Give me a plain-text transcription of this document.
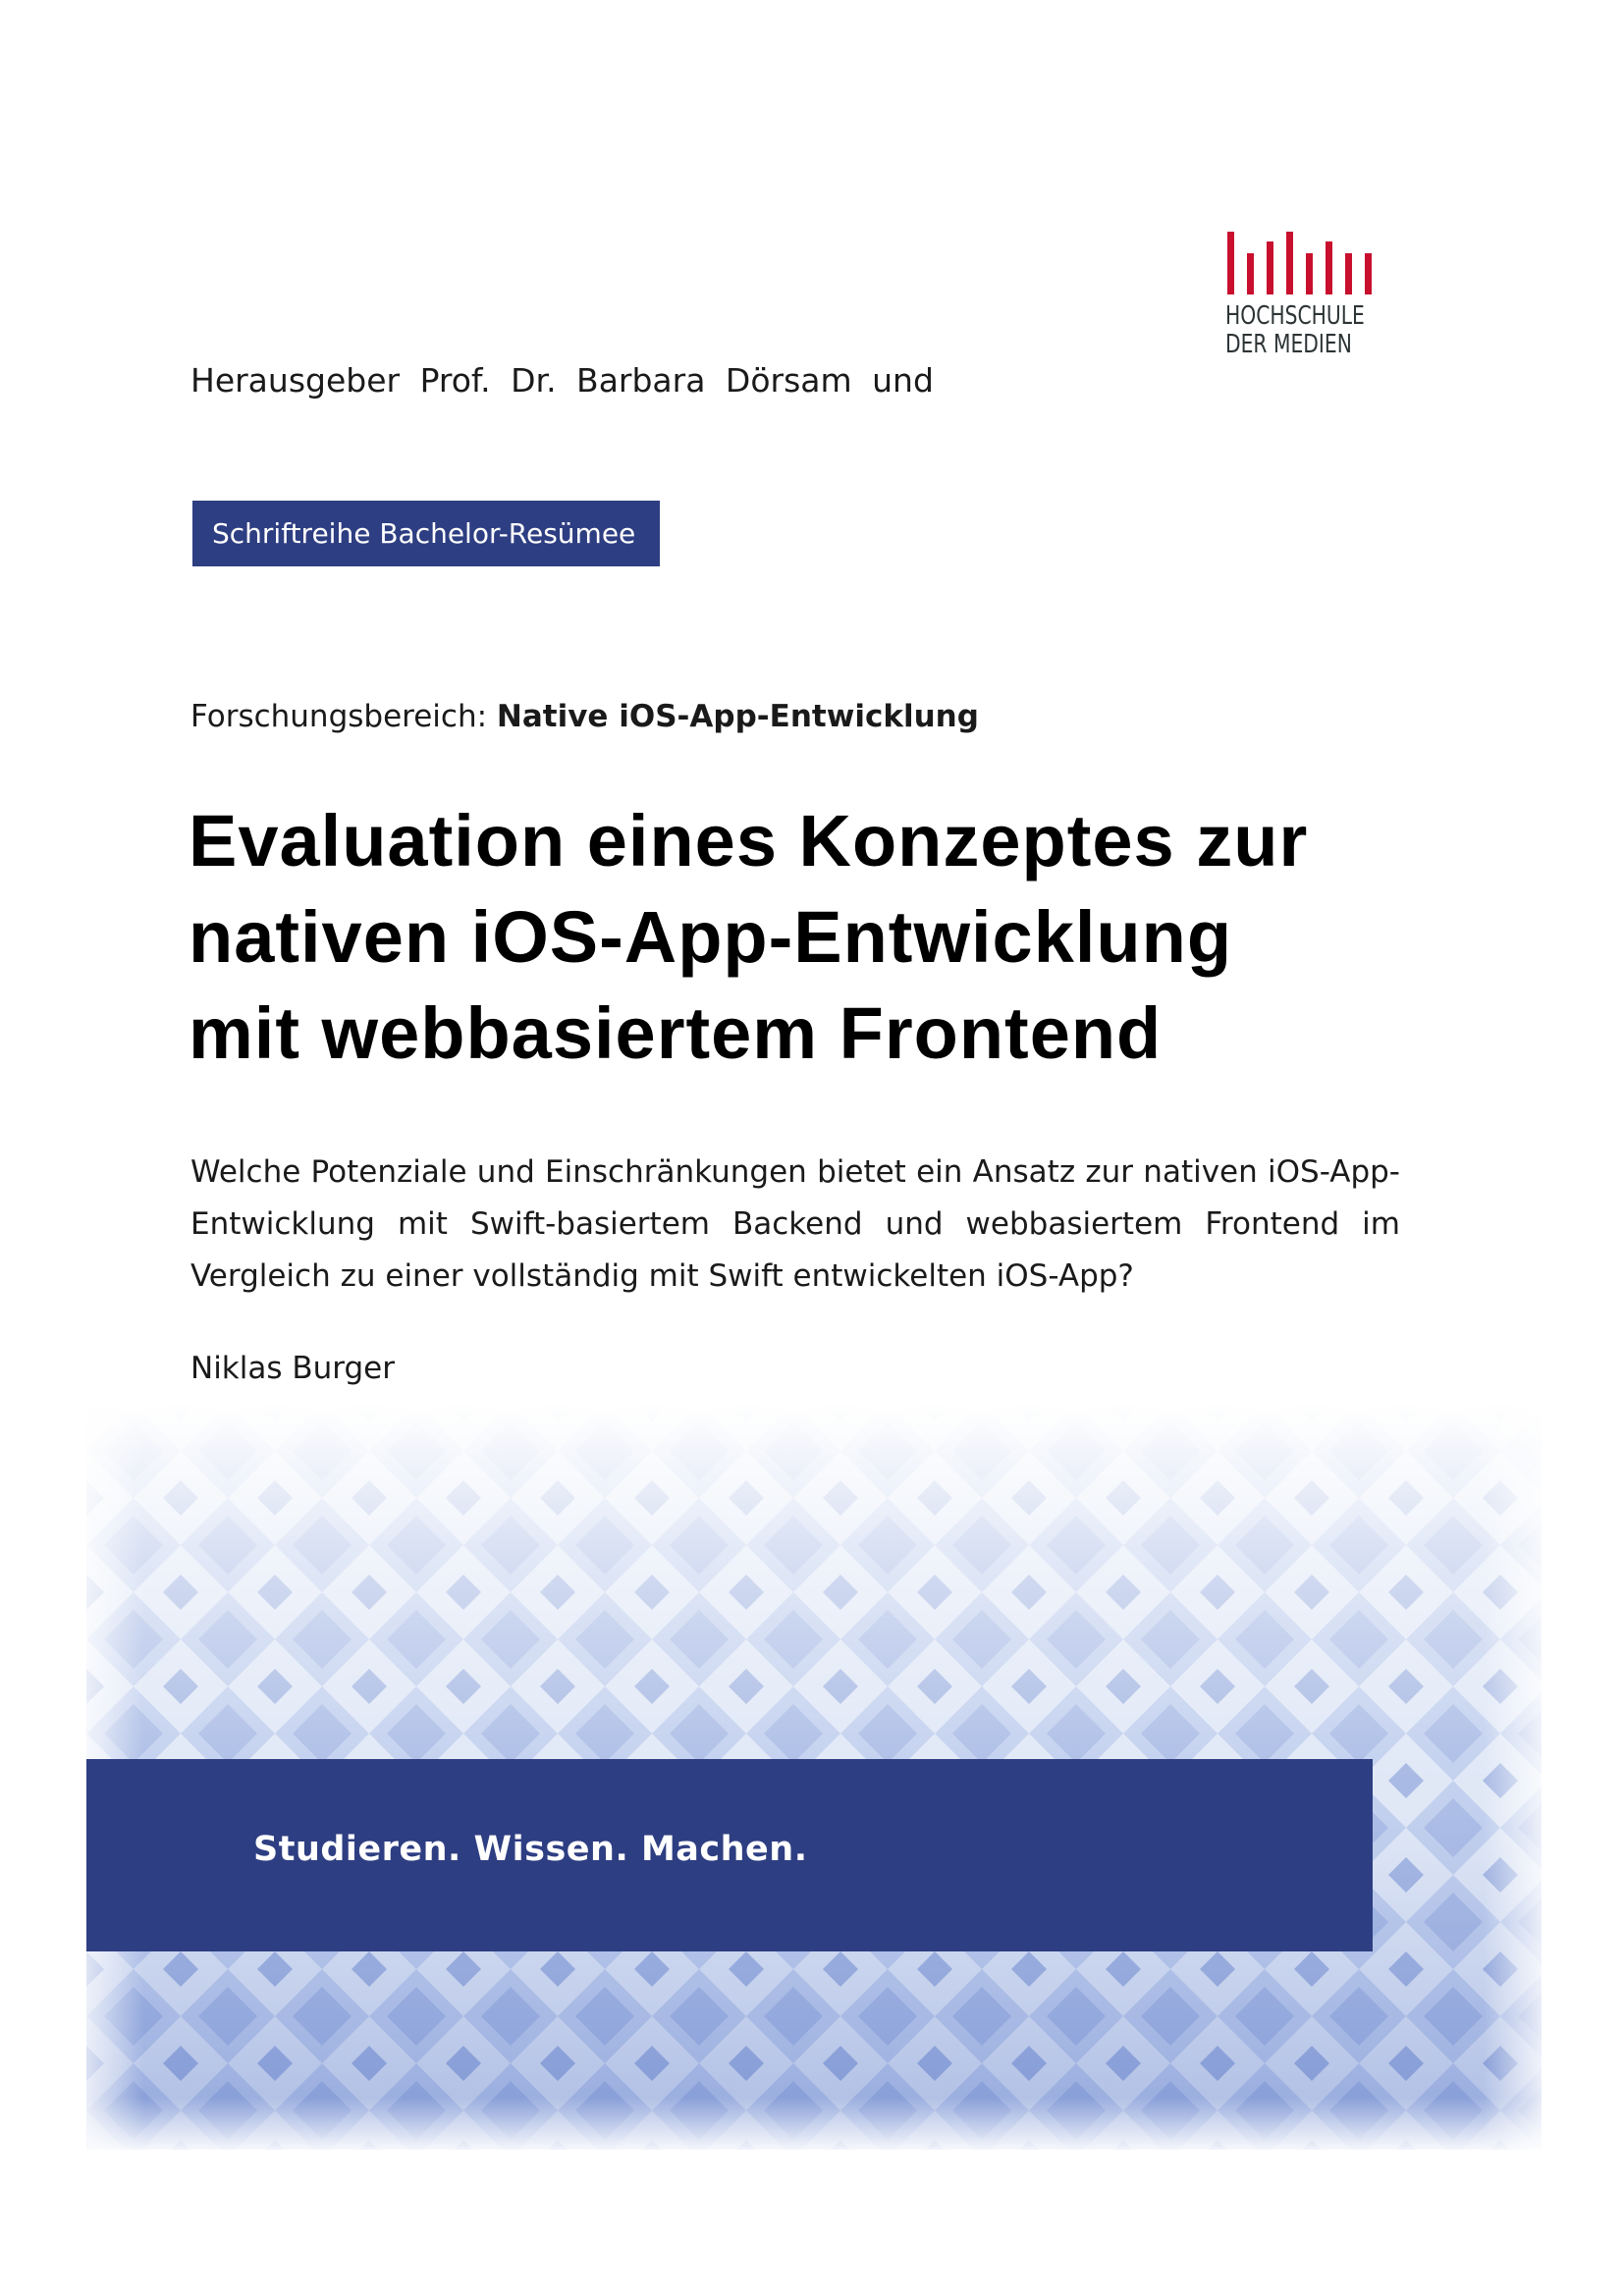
HOCHSCHULE
DER MEDIEN
Herausgeber Prof. Dr. Barbara Dörsam und
Schriftreihe Bachelor-Resümee
Forschungsbereich: Native iOS-App-Entwicklung
Evaluation eines Konzeptes zur
nativen iOS-App-Entwicklung
mit webbasiertem Frontend

Welche Potenziale und Einschränkungen bietet ein Ansatz zur nativen iOS-App-Entwicklung mit Swift-basiertem Backend und webbasiertem Frontend im Vergleich zu einer vollständig mit Swift entwickelten iOS-App?

Niklas Burger
Studieren. Wissen. Machen.
